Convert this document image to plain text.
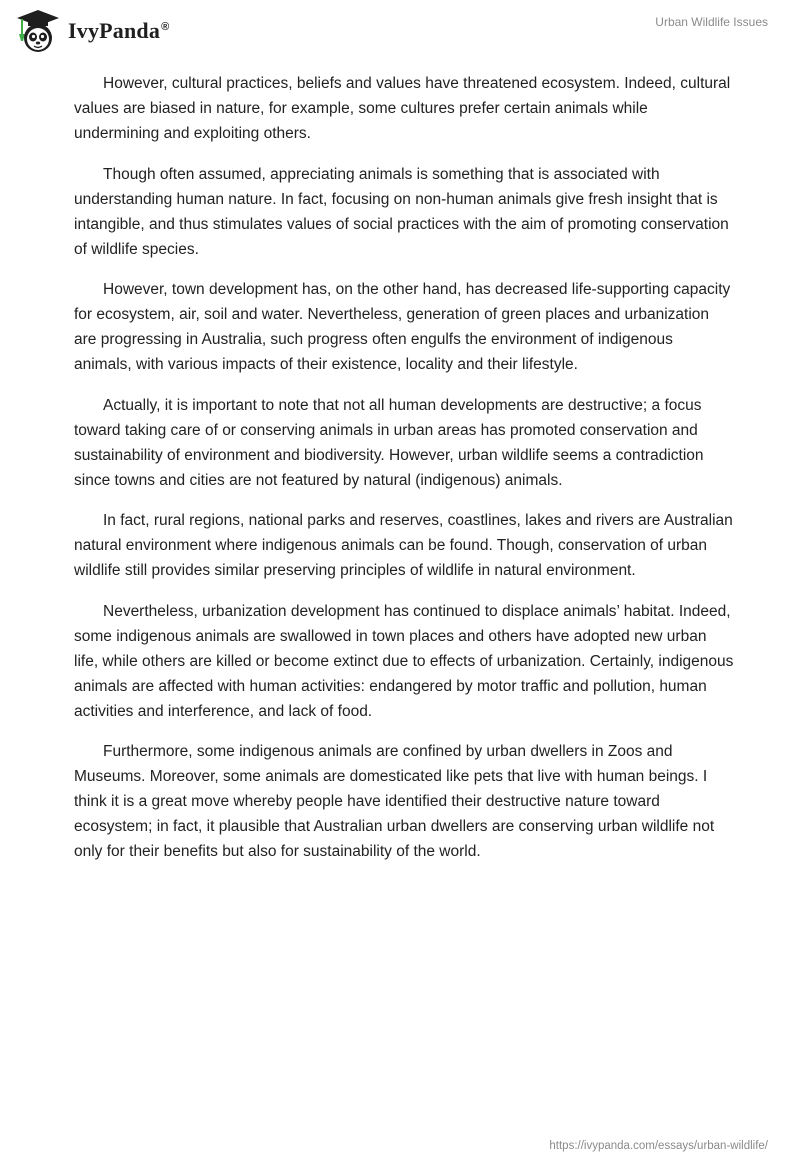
IvyPanda®	Urban Wildlife Issues

However, cultural practices, beliefs and values have threatened ecosystem. Indeed, cultural values are biased in nature, for example, some cultures prefer certain animals while undermining and exploiting others.

Though often assumed, appreciating animals is something that is associated with understanding human nature. In fact, focusing on non-human animals give fresh insight that is intangible, and thus stimulates values of social practices with the aim of promoting conservation of wildlife species.

However, town development has, on the other hand, has decreased life-supporting capacity for ecosystem, air, soil and water. Nevertheless, generation of green places and urbanization are progressing in Australia, such progress often engulfs the environment of indigenous animals, with various impacts of their existence, locality and their lifestyle.

Actually, it is important to note that not all human developments are destructive; a focus toward taking care of or conserving animals in urban areas has promoted conservation and sustainability of environment and biodiversity. However, urban wildlife seems a contradiction since towns and cities are not featured by natural (indigenous) animals.

In fact, rural regions, national parks and reserves, coastlines, lakes and rivers are Australian natural environment where indigenous animals can be found. Though, conservation of urban wildlife still provides similar preserving principles of wildlife in natural environment.

Nevertheless, urbanization development has continued to displace animals’ habitat. Indeed, some indigenous animals are swallowed in town places and others have adopted new urban life, while others are killed or become extinct due to effects of urbanization. Certainly, indigenous animals are affected with human activities: endangered by motor traffic and pollution, human activities and interference, and lack of food.

Furthermore, some indigenous animals are confined by urban dwellers in Zoos and Museums. Moreover, some animals are domesticated like pets that live with human beings. I think it is a great move whereby people have identified their destructive nature toward ecosystem; in fact, it plausible that Australian urban dwellers are conserving urban wildlife not only for their benefits but also for sustainability of the world.

https://ivypanda.com/essays/urban-wildlife/
